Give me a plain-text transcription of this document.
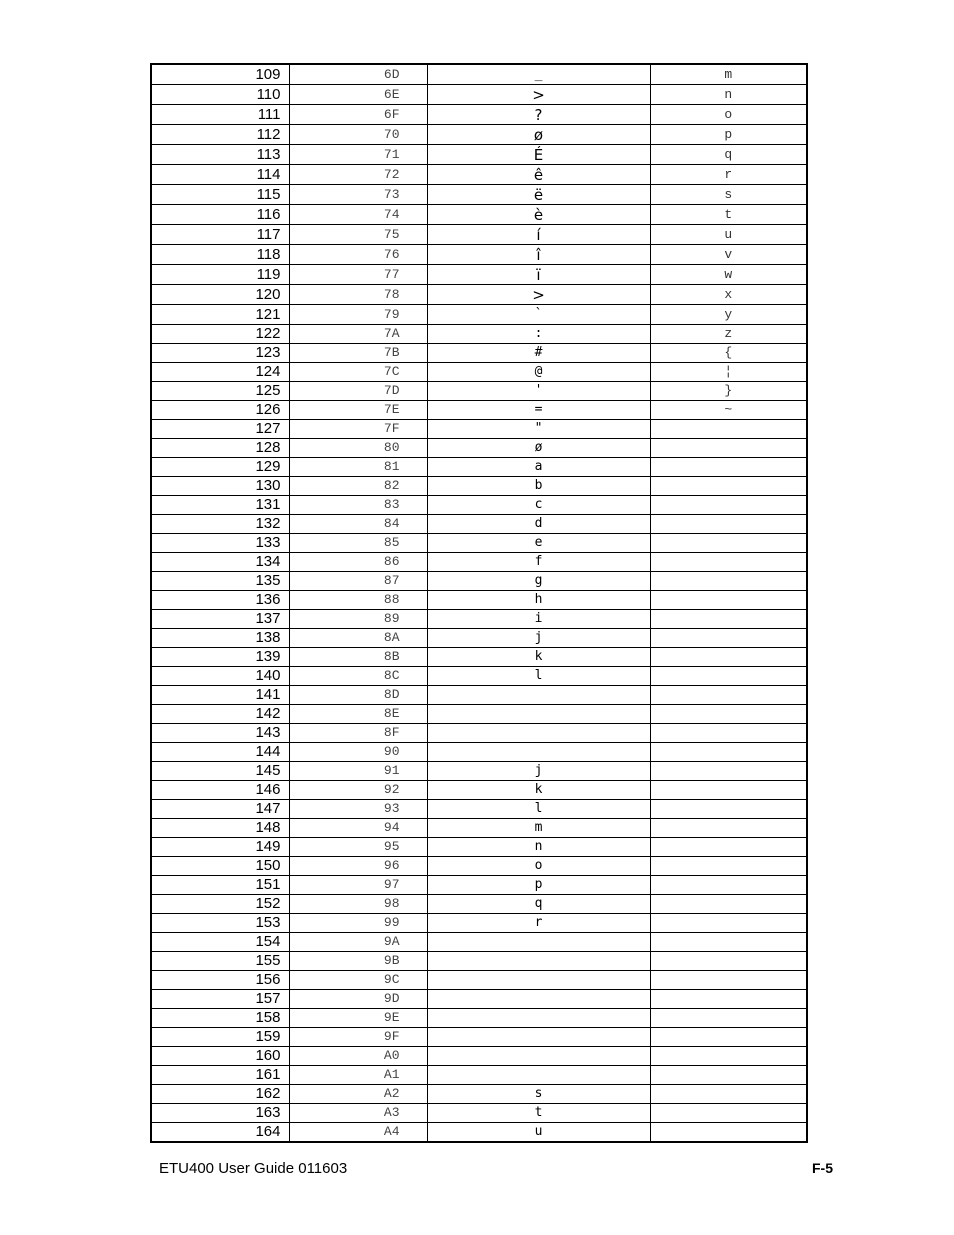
109	6D	_	m
110	6E	>	n
111	6F	?	o
112	70	ø	p
113	71	É	q
114	72	ê	r
115	73	ë	s
116	74	è	t
117	75	í	u
118	76	î	v
119	77	ï	w
120	78	>	x
121	79	`	y
122	7A	:	z
123	7B	#	{
124	7C	@	¦
125	7D	'	}
126	7E	=	~
127	7F	"	
128	80	ø	
129	81	a	
130	82	b	
131	83	c	
132	84	d	
133	85	e	
134	86	f	
135	87	g	
136	88	h	
137	89	i	
138	8A	j	
139	8B	k	
140	8C	l	
141	8D		
142	8E		
143	8F		
144	90		
145	91	j	
146	92	k	
147	93	l	
148	94	m	
149	95	n	
150	96	o	
151	97	p	
152	98	q	
153	99	r	
154	9A		
155	9B		
156	9C		
157	9D		
158	9E		
159	9F		
160	A0		
161	A1		
162	A2	s	
163	A3	t	
164	A4	u	
ETU400 User Guide 011603	F-5
